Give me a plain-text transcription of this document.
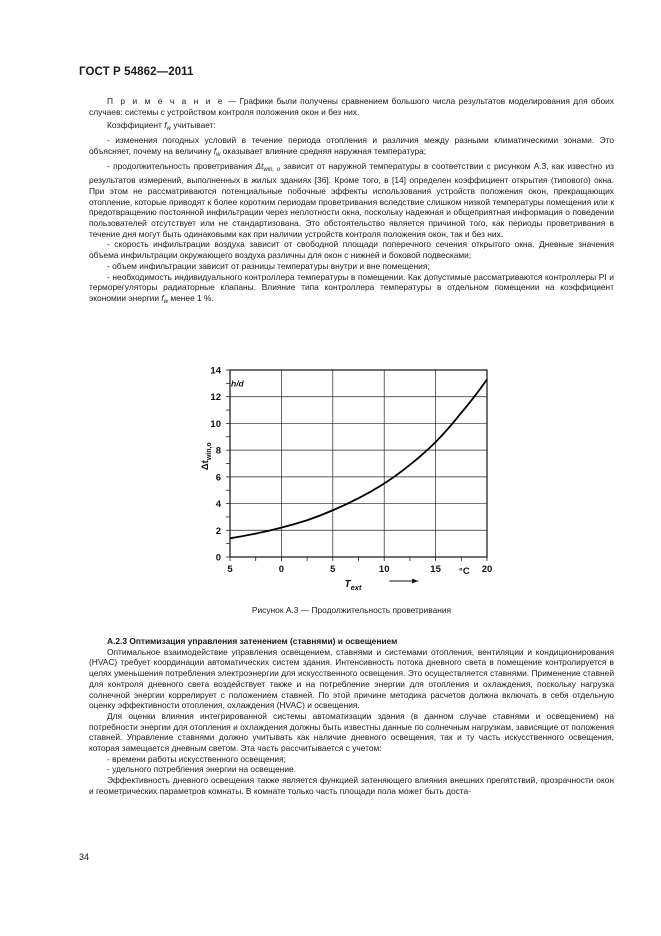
ГОСТ Р 54862—2011

П р и м е ч а н и е — Графики были получены сравнением большого числа результатов моделирования для обоих случаев: системы с устройством контроля положения окон и без них.

Коэффициент $f_w$ учитывает:

- изменения погодных условий в течение периода отопления и различия между разными климатическими зонами. Это объясняет, почему на величину $f_w$ оказывает влияние средняя наружная температура;

- продолжительность проветривания $\Delta t_{win, o}$ зависит от наружной температуры в соответствии с рисунком А.3, как известно из результатов измерений, выполненных в жилых зданиях [36]. Кроме того, в [14] определен коэффициент открытия (типового) окна. При этом не рассматриваются потенциальные побочные эффекты использования устройств положения окон, прекращающих отопление, которые приводят к более коротким периодам проветривания вследствие слишком низкой температуры помещения или к предотвращению постоянной инфильтрации через неплотности окна, поскольку надежная и общеприятная информация о поведении пользователей отсутствует или не стандартизована. Это обстоятельство является причиной того, как периоды проветривания в течение дня могут быть одинаковыми как при наличии устройств контроля положения окон, так и без них.

- скорость инфильтрации воздуха зависит от свободной площади поперечного сечения открытого окна. Дневные значения объема инфильтрации окружающего воздуха различны для окон с нижней и боковой подвесками;

- объем инфильтрации зависит от разницы температуры внутри и вне помещения;

- необходимость индивидуального контроллера температуры в помещении. Как допустимые рассматриваются контроллеры PI и терморегуляторы радиаторные клапаны. Влияние типа контроллера температуры в отдельном помещении на коэффициент экономии энергии $f_w$ менее 1 %.

0
2
4
6
8
10
12
14
5	0	5	10	15	20
h/d
°C
$\Delta t_{win,o}$
$T_{ext}$
Рисунок А.3 — Продолжительность проветривания

А.2.3 Оптимизация управления затенением (ставнями) и освещением

Оптимальное взаимодействие управления освещением, ставнями и системами отопления, вентиляции и кондиционирования (HVAC) требует координации автоматических систем здания. Интенсивность потока дневного света в помещение контролируется в целях уменьшения потребления электроэнергии для искусственного освещения. Это осуществляется ставнями. Применение ставней для контроля дневного света воздействует также и на потребление энергии для отопления и охлаждения, поскольку нагрузка солнечной энергии коррелирует с положением ставней. По этой причине методика расчетов должна включать в себя отдельную оценку эффективности отопления, охлаждения (HVAC) и освещения.

Для оценки влияния интегрированной системы автоматизации здания (в данном случае ставнями и освещением) на потребности энергии для отопления и охлаждения должны быть известны данные по солнечным нагрузкам, зависящие от положения ставней. Управление ставнями должно учитывать как наличие дневного освещения, так и ту часть искусственного освещения, которая замещается дневным светом. Эта часть рассчитывается с учетом:

- времени работы искусственного освещения;

- удельного потребления энергии на освещение.

Эффективность дневного освещения также является функцией затеняющего влияния внешних препятствий, прозрачности окон и геометрических параметров комнаты. В комнате только часть площади пола может быть доста-

34
